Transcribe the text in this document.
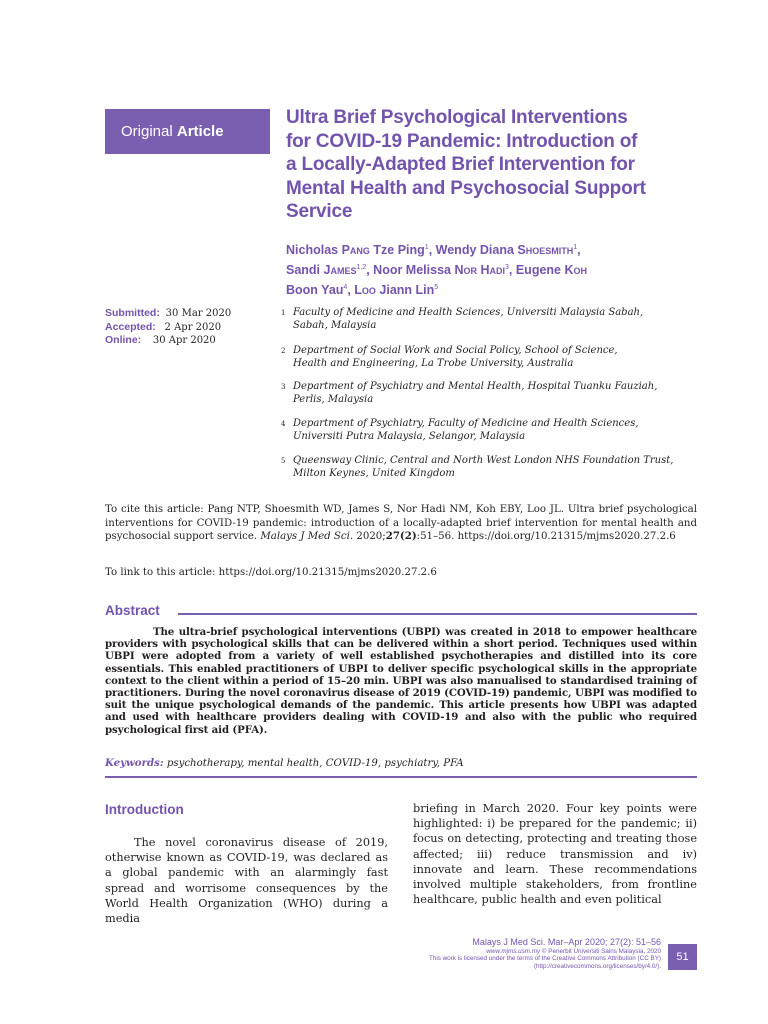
Original Article
Ultra Brief Psychological Interventions
for COVID-19 Pandemic: Introduction of
a Locally-Adapted Brief Intervention for
Mental Health and Psychosocial Support
Service
Nicholas Pang Tze Ping$^1$, Wendy Diana Shoesmith$^1$,
Sandi James$^{1,2}$, Noor Melissa Nor Hadi$^3$, Eugene Koh
Boon Yau$^4$, Loo Jiann Lin$^5$
Submitted: 30 Mar 2020
Accepted: 2 Apr 2020
Online: 30 Apr 2020
1 Faculty of Medicine and Health Sciences, Universiti Malaysia Sabah,
Sabah, Malaysia
2 Department of Social Work and Social Policy, School of Science,
Health and Engineering, La Trobe University, Australia
3 Department of Psychiatry and Mental Health, Hospital Tuanku Fauziah,
Perlis, Malaysia
4 Department of Psychiatry, Faculty of Medicine and Health Sciences,
Universiti Putra Malaysia, Selangor, Malaysia
5 Queensway Clinic, Central and North West London NHS Foundation Trust,
Milton Keynes, United Kingdom
To cite this article: Pang NTP, Shoesmith WD, James S, Nor Hadi NM, Koh EBY, Loo JL. Ultra brief psychological interventions for COVID-19 pandemic: introduction of a locally-adapted brief intervention for mental health and psychosocial support service. Malays J Med Sci. 2020;27(2):51–56. https://doi.org/10.21315/mjms2020.27.2.6
To link to this article: https://doi.org/10.21315/mjms2020.27.2.6
Abstract
The ultra-brief psychological interventions (UBPI) was created in 2018 to empower healthcare providers with psychological skills that can be delivered within a short period. Techniques used within UBPI were adopted from a variety of well established psychotherapies and distilled into its core essentials. This enabled practitioners of UBPI to deliver specific psychological skills in the appropriate context to the client within a period of 15–20 min. UBPI was also manualised to standardised training of practitioners. During the novel coronavirus disease of 2019 (COVID-19) pandemic, UBPI was modified to suit the unique psychological demands of the pandemic. This article presents how UBPI was adapted and used with healthcare providers dealing with COVID-19 and also with the public who required psychological first aid (PFA).
Keywords: psychotherapy, mental health, COVID-19, psychiatry, PFA
Introduction
The novel coronavirus disease of 2019, otherwise known as COVID-19, was declared as a global pandemic with an alarmingly fast spread and worrisome consequences by the World Health Organization (WHO) during a media
briefing in March 2020. Four key points were highlighted: i) be prepared for the pandemic; ii) focus on detecting, protecting and treating those affected; iii) reduce transmission and iv) innovate and learn. These recommendations involved multiple stakeholders, from frontline healthcare, public health and even political
Malays J Med Sci. Mar–Apr 2020; 27(2): 51–56
www.mjms.usm.my © Penerbit Universiti Sains Malaysia, 2020
This work is licensed under the terms of the Creative Commons Attribution (CC BY)
(http://creativecommons.org/licenses/by/4.0/).
51
